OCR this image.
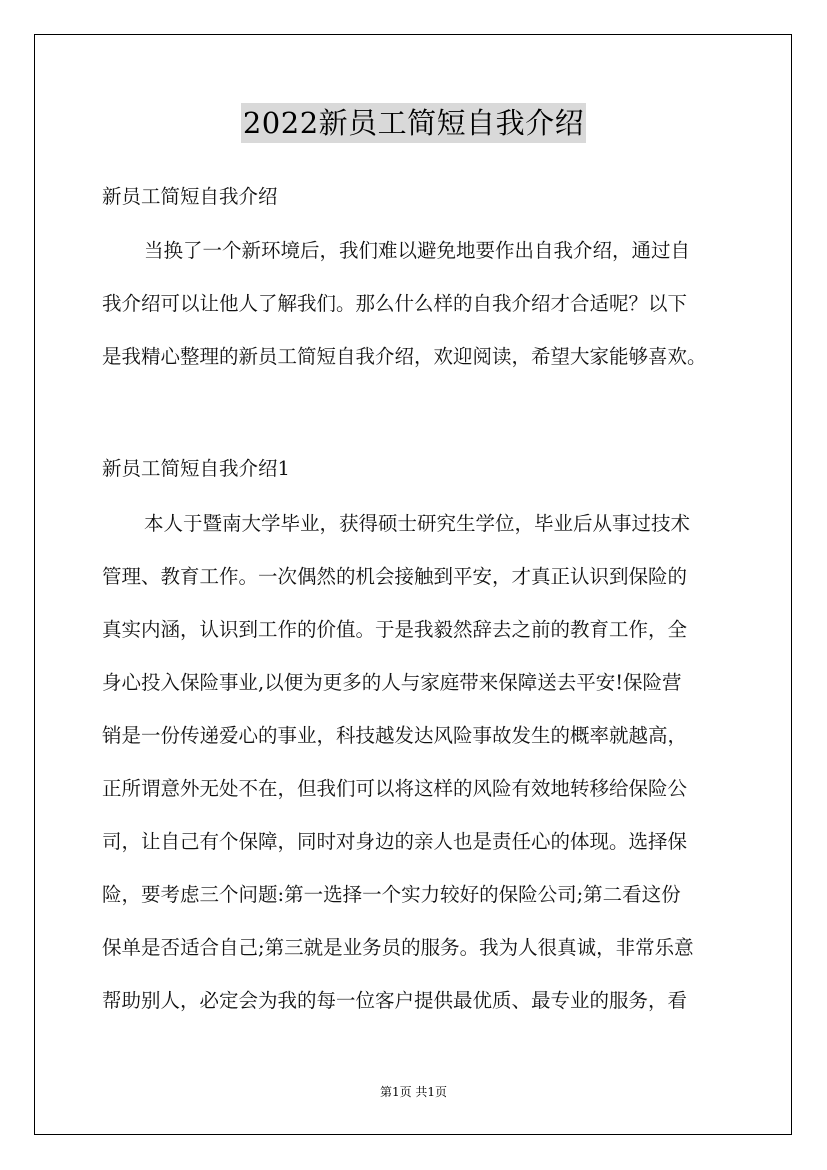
2022新员工简短自我介绍
新员工简短自我介绍
当换了一个新环境后，我们难以避免地要作出自我介绍，通过自
我介绍可以让他人了解我们。那么什么样的自我介绍才合适呢？以下
是我精心整理的新员工简短自我介绍，欢迎阅读，希望大家能够喜欢。
新员工简短自我介绍1
本人于暨南大学毕业，获得硕士研究生学位，毕业后从事过技术
管理、教育工作。一次偶然的机会接触到平安，才真正认识到保险的
真实内涵，认识到工作的价值。于是我毅然辞去之前的教育工作，全
身心投入保险事业,以便为更多的人与家庭带来保障送去平安!保险营
销是一份传递爱心的事业，科技越发达风险事故发生的概率就越高，
正所谓意外无处不在，但我们可以将这样的风险有效地转移给保险公
司，让自己有个保障，同时对身边的亲人也是责任心的体现。选择保
险，要考虑三个问题:第一选择一个实力较好的保险公司;第二看这份
保单是否适合自己;第三就是业务员的服务。我为人很真诚，非常乐意
帮助别人，必定会为我的每一位客户提供最优质、最专业的服务，看
第1页 共1页
